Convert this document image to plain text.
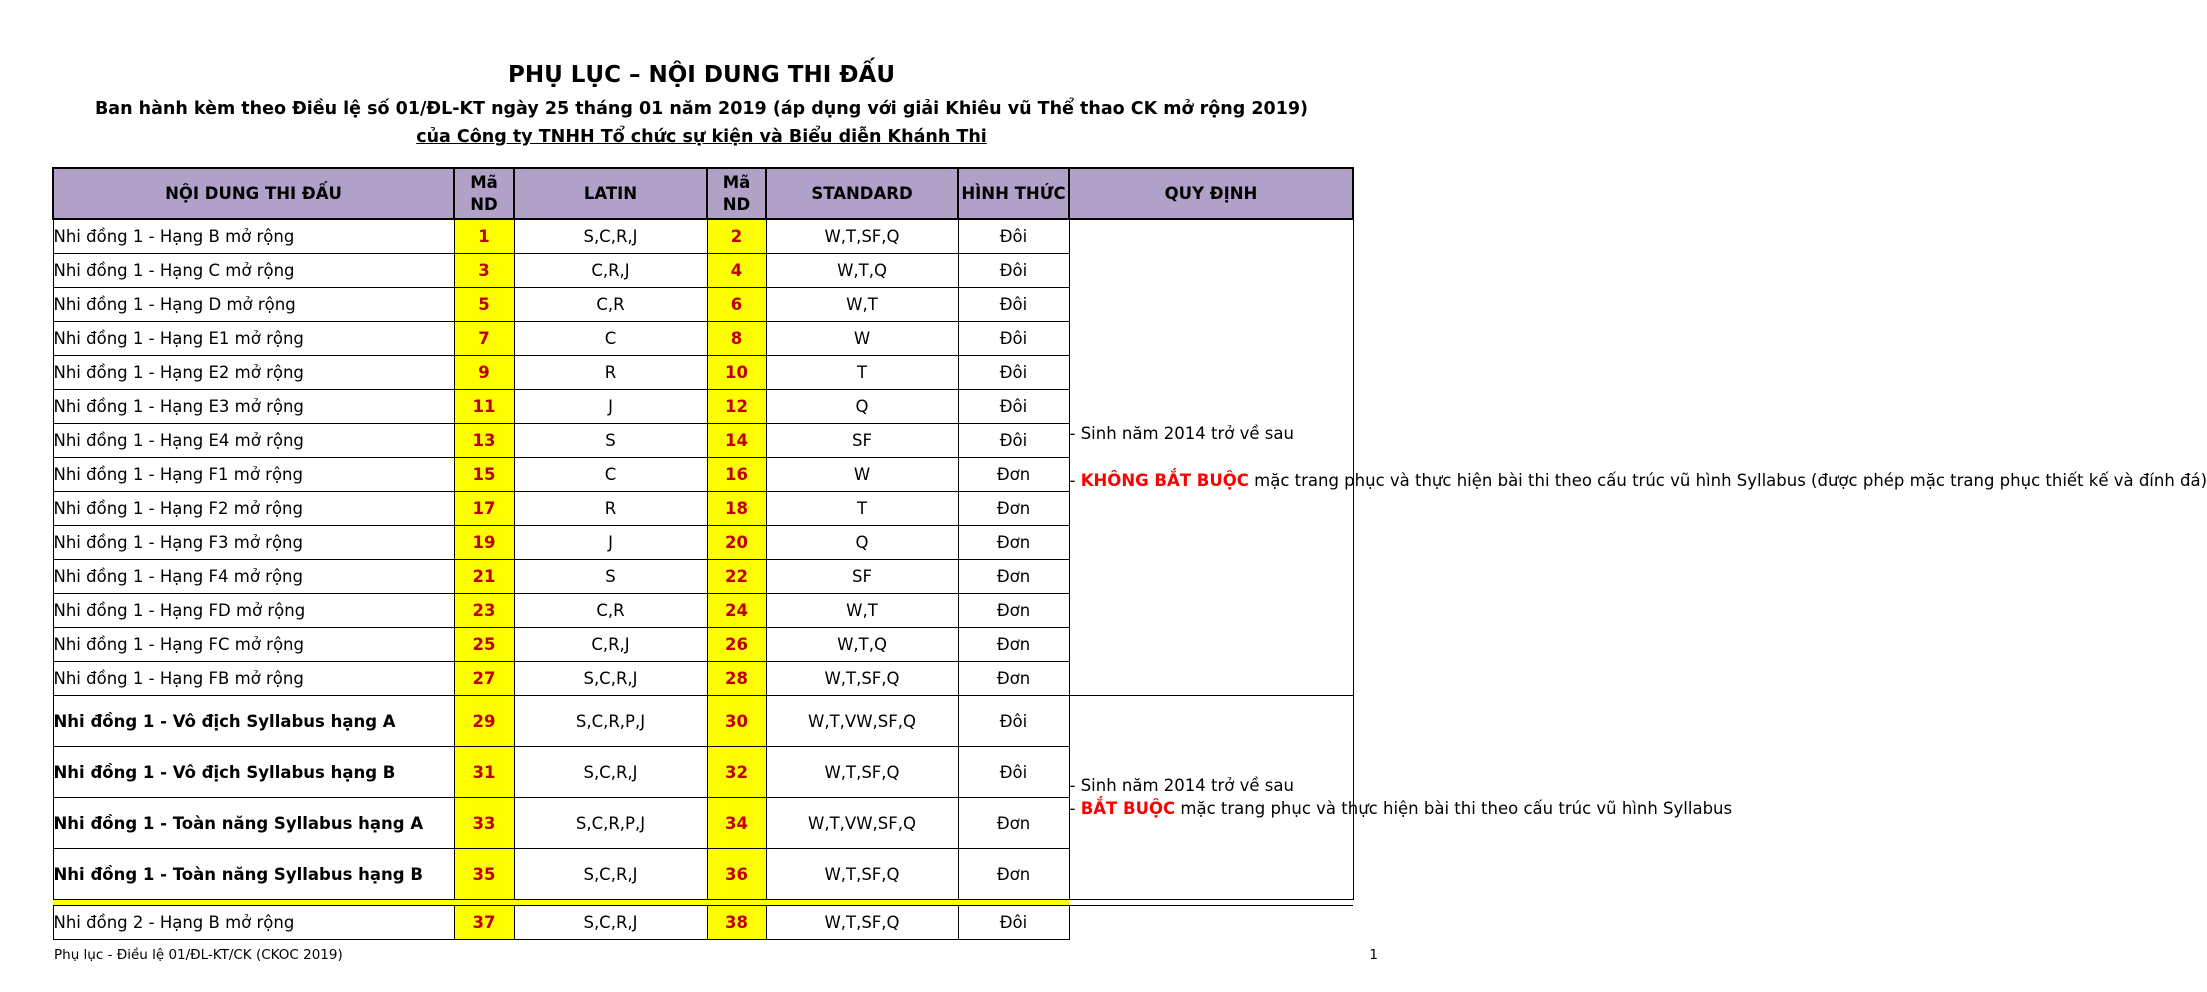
PHỤ LỤC – NỘI DUNG THI ĐẤU
Ban hành kèm theo Điều lệ số 01/ĐL-KT ngày 25 tháng 01 năm 2019 (áp dụng với giải Khiêu vũ Thể thao CK mở rộng 2019)
của Công ty TNHH Tổ chức sự kiện và Biểu diễn Khánh Thi
NỘI DUNG THI ĐẤU	Mã ND	LATIN	Mã ND	STANDARD	HÌNH THỨC	QUY ĐỊNH
Nhi đồng 1 - Hạng B mở rộng	1	S,C,R,J	2	W,T,SF,Q	Đôi	- Sinh năm 2014 trở về sau
- KHÔNG BẮT BUỘC mặc trang phục và thực hiện bài thi theo cấu trúc vũ hình Syllabus (được phép mặc trang phục thiết kế và đính đá)

Nhi đồng 1 - Hạng C mở rộng	3	C,R,J	4	W,T,Q	Đôi	
Nhi đồng 1 - Hạng D mở rộng	5	C,R	6	W,T	Đôi	
Nhi đồng 1 - Hạng E1 mở rộng	7	C	8	W	Đôi	
Nhi đồng 1 - Hạng E2 mở rộng	9	R	10	T	Đôi	
Nhi đồng 1 - Hạng E3 mở rộng	11	J	12	Q	Đôi	
Nhi đồng 1 - Hạng E4 mở rộng	13	S	14	SF	Đôi	
Nhi đồng 1 - Hạng F1 mở rộng	15	C	16	W	Đơn	
Nhi đồng 1 - Hạng F2 mở rộng	17	R	18	T	Đơn	
Nhi đồng 1 - Hạng F3 mở rộng	19	J	20	Q	Đơn	
Nhi đồng 1 - Hạng F4 mở rộng	21	S	22	SF	Đơn	
Nhi đồng 1 - Hạng FD mở rộng	23	C,R	24	W,T	Đơn	
Nhi đồng 1 - Hạng FC mở rộng	25	C,R,J	26	W,T,Q	Đơn	
Nhi đồng 1 - Hạng FB mở rộng	27	S,C,R,J	28	W,T,SF,Q	Đơn	
Nhi đồng 1 - Vô địch Syllabus hạng A	29	S,C,R,P,J	30	W,T,VW,SF,Q	Đôi	- Sinh năm 2014 trở về sau
- BẮT BUỘC mặc trang phục và thực hiện bài thi theo cấu trúc vũ hình Syllabus

Nhi đồng 1 - Vô địch Syllabus hạng B	31	S,C,R,J	32	W,T,SF,Q	Đôi	
Nhi đồng 1 - Toàn năng Syllabus hạng A	33	S,C,R,P,J	34	W,T,VW,SF,Q	Đơn	
Nhi đồng 1 - Toàn năng Syllabus hạng B	35	S,C,R,J	36	W,T,SF,Q	Đơn	

Nhi đồng 2 - Hạng B mở rộng	37	S,C,R,J	38	W,T,SF,Q	Đôi	
Phụ lục - Điều lệ 01/ĐL-KT/CK (CKOC 2019)	1
